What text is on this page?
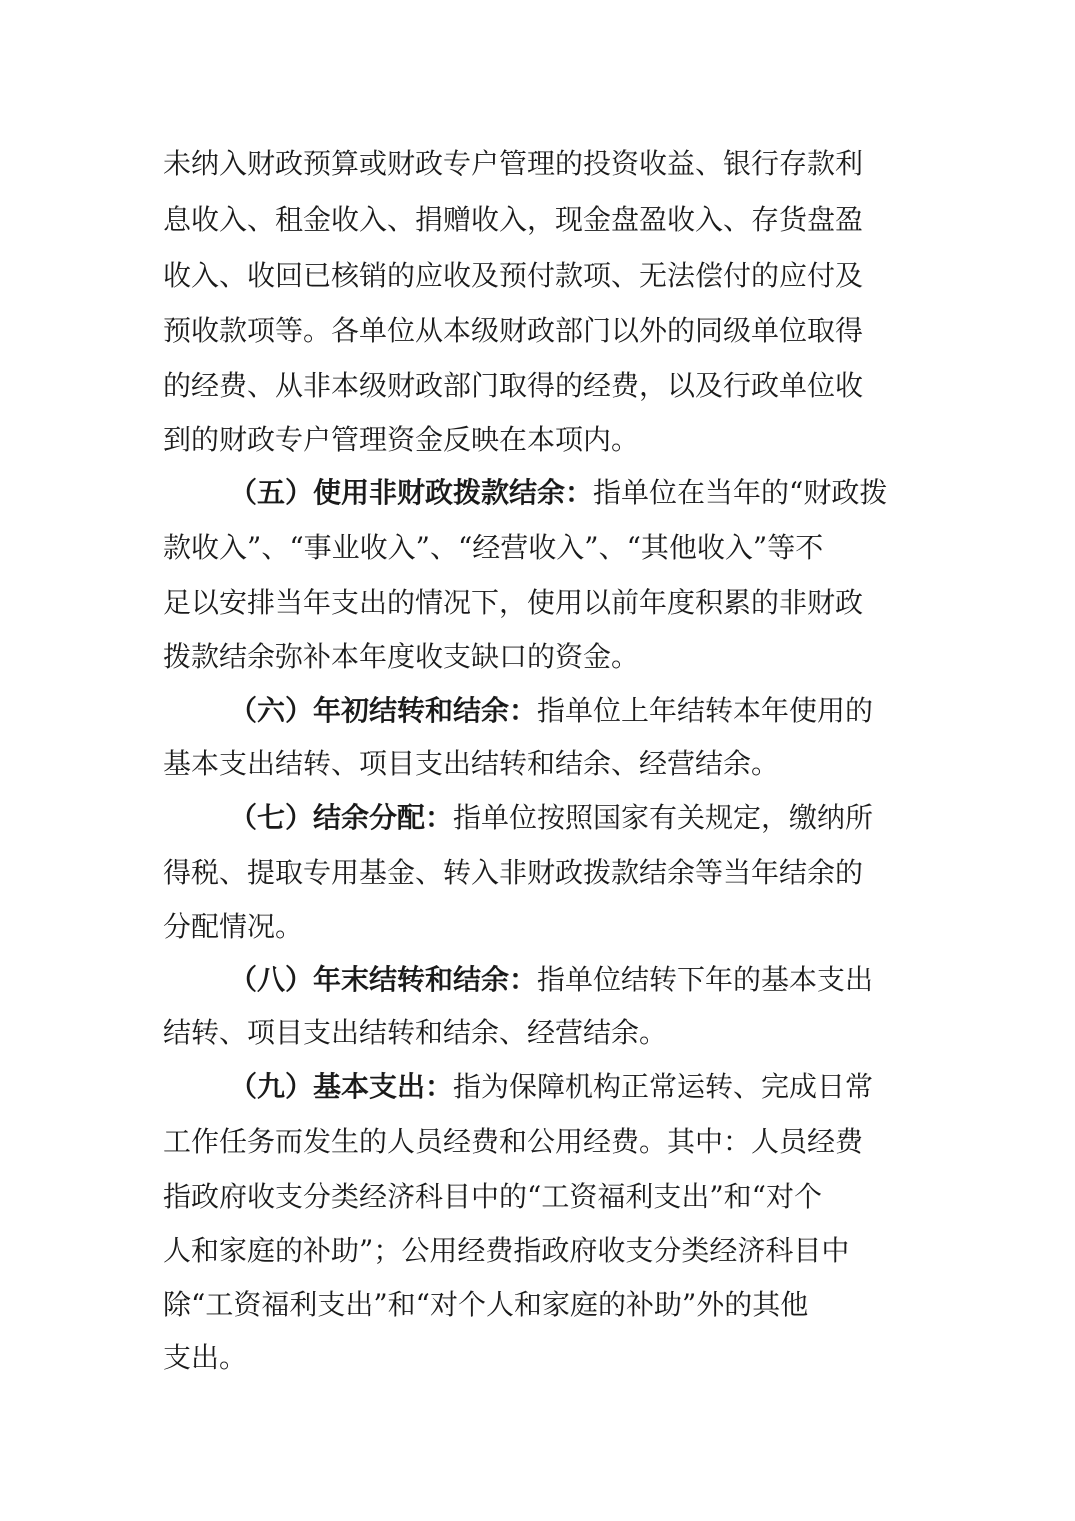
未纳入财政预算或财政专户管理的投资收益、银行存款利

息收入、租金收入、捐赠收入，现金盘盈收入、存货盘盈

收入、收回已核销的应收及预付款项、无法偿付的应付及

预收款项等。各单位从本级财政部门以外的同级单位取得

的经费、从非本级财政部门取得的经费，以及行政单位收

到的财政专户管理资金反映在本项内。

（五）使用非财政拨款结余：指单位在当年的“财政拨

款收入”、“事业收入”、“经营收入”、“其他收入”等不

足以安排当年支出的情况下，使用以前年度积累的非财政

拨款结余弥补本年度收支缺口的资金。

（六）年初结转和结余：指单位上年结转本年使用的

基本支出结转、项目支出结转和结余、经营结余。

（七）结余分配：指单位按照国家有关规定，缴纳所

得税、提取专用基金、转入非财政拨款结余等当年结余的

分配情况。

（八）年末结转和结余：指单位结转下年的基本支出

结转、项目支出结转和结余、经营结余。

（九）基本支出：指为保障机构正常运转、完成日常

工作任务而发生的人员经费和公用经费。其中：人员经费

指政府收支分类经济科目中的“工资福利支出”和“对个

人和家庭的补助”；公用经费指政府收支分类经济科目中

除“工资福利支出”和“对个人和家庭的补助”外的其他

支出。
